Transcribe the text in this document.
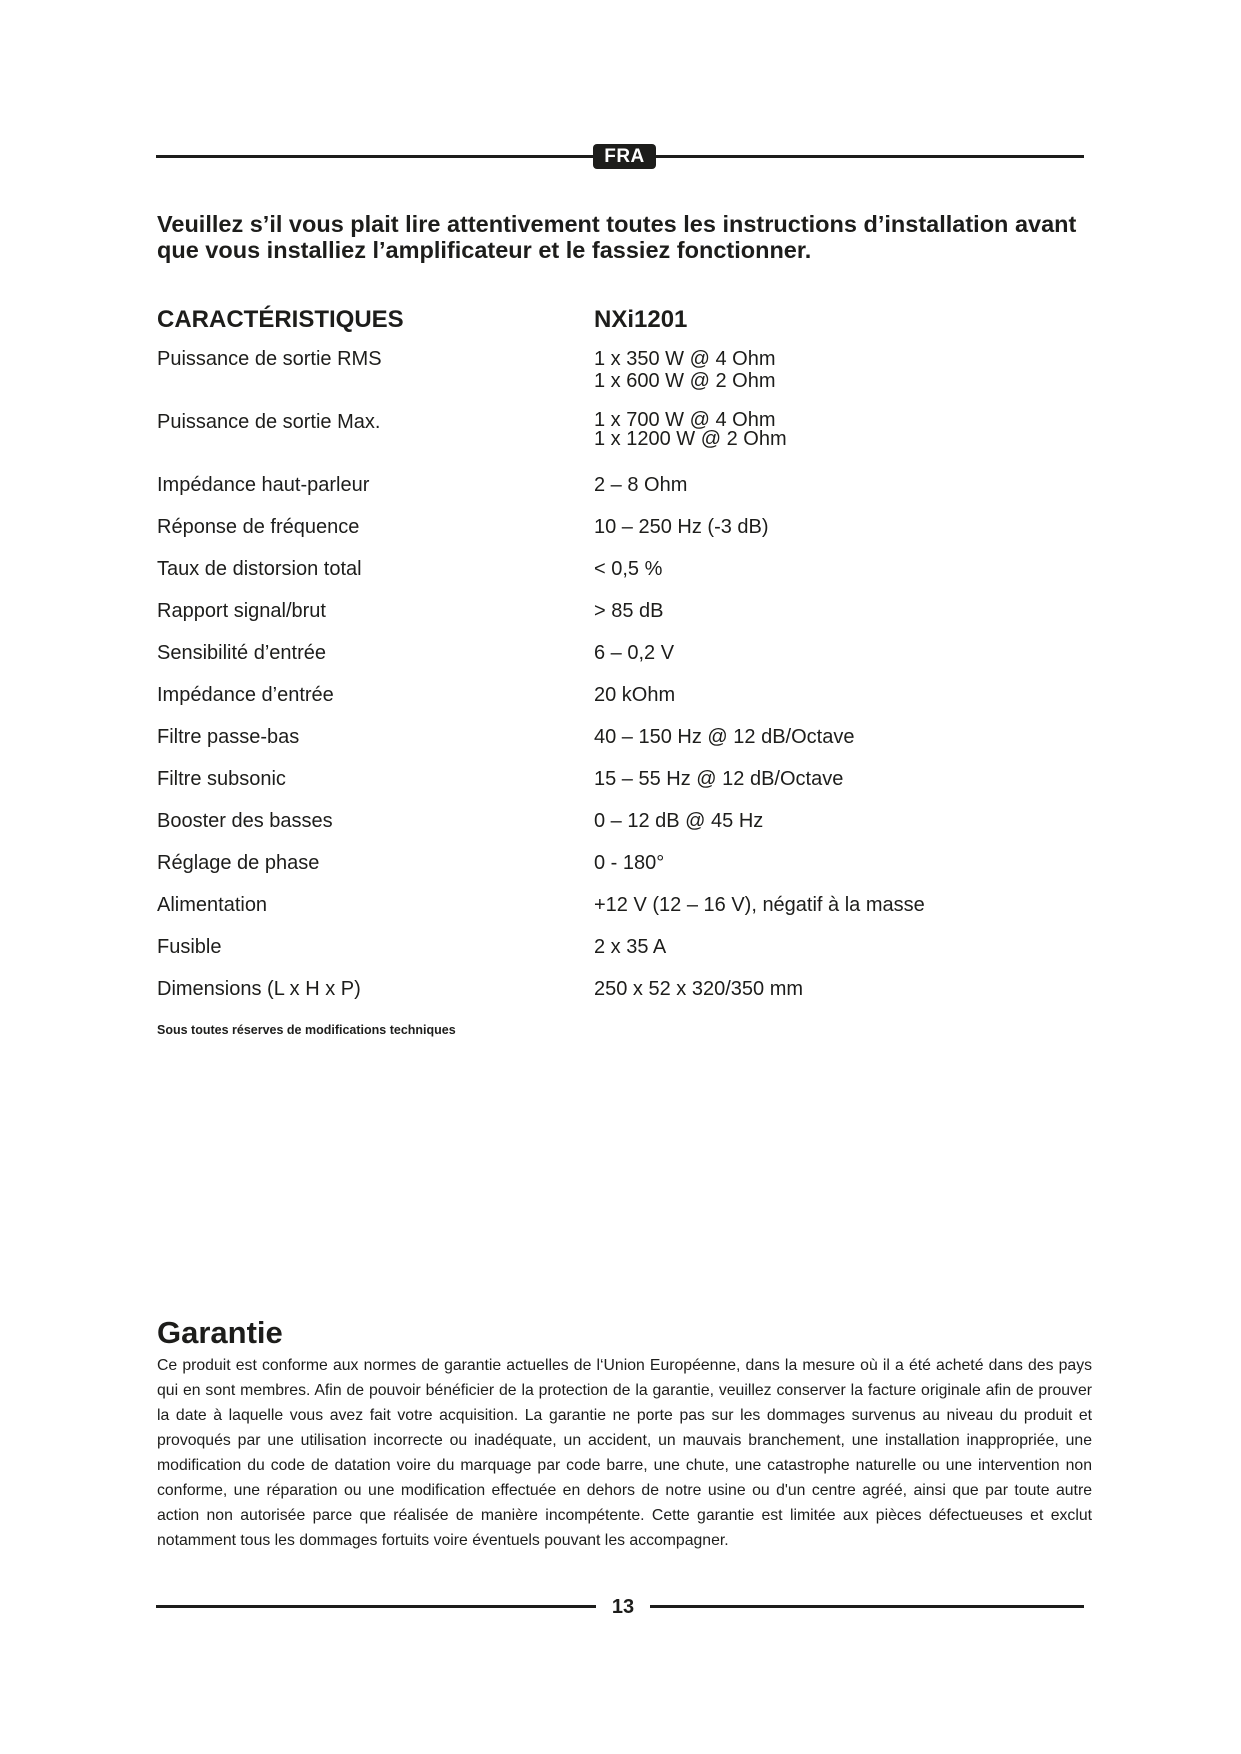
FRA
Veuillez s’il vous plait lire attentivement toutes les instructions d’installation avant que vous installiez l’amplificateur et le fassiez fonctionner.
CARACTÉRISTIQUES	NXi1201
Puissance de sortie RMS	1 x 350 W @ 4 Ohm
1 x 600 W @ 2 Ohm
Puissance de sortie Max.	1 x 700 W @ 4 Ohm
1 x 1200 W @ 2 Ohm
Impédance haut-parleur	2 – 8 Ohm
Réponse de fréquence	10 – 250 Hz (-3 dB)
Taux de distorsion total	< 0,5 %
Rapport signal/brut	> 85 dB
Sensibilité d’entrée	6 – 0,2 V
Impédance d’entrée	20 kOhm
Filtre passe-bas	40 – 150 Hz @ 12 dB/Octave
Filtre subsonic	15 – 55 Hz @ 12 dB/Octave
Booster des basses	0 – 12 dB @ 45 Hz
Réglage de phase	0 - 180°
Alimentation	+12 V (12 – 16 V), négatif à la masse
Fusible	2 x 35 A
Dimensions (L x H x P)	250 x 52 x 320/350 mm
Sous toutes réserves de modifications techniques
Garantie
Ce produit est conforme aux normes de garantie actuelles de l‘Union Européenne, dans la mesure où il a été acheté dans des pays qui en sont membres. Afin de pouvoir bénéficier de la protection de la garantie, veuillez conserver la facture originale afin de prouver la date à laquelle vous avez fait votre acquisition. La garantie ne porte pas sur les dommages survenus au niveau du produit et provoqués par une utilisation incorrecte ou inadéquate, un accident, un mauvais branchement, une installation inappropriée, une modification du code de datation voire du marquage par code barre, une chute, une catastrophe naturelle ou une intervention non conforme, une réparation ou une modification effectuée en dehors de notre usine ou d'un centre agréé, ainsi que par toute autre action non autorisée parce que réalisée de manière incompétente. Cette garantie est limitée aux pièces défectueuses et exclut notamment tous les dommages fortuits voire éventuels pouvant les accompagner.
13
